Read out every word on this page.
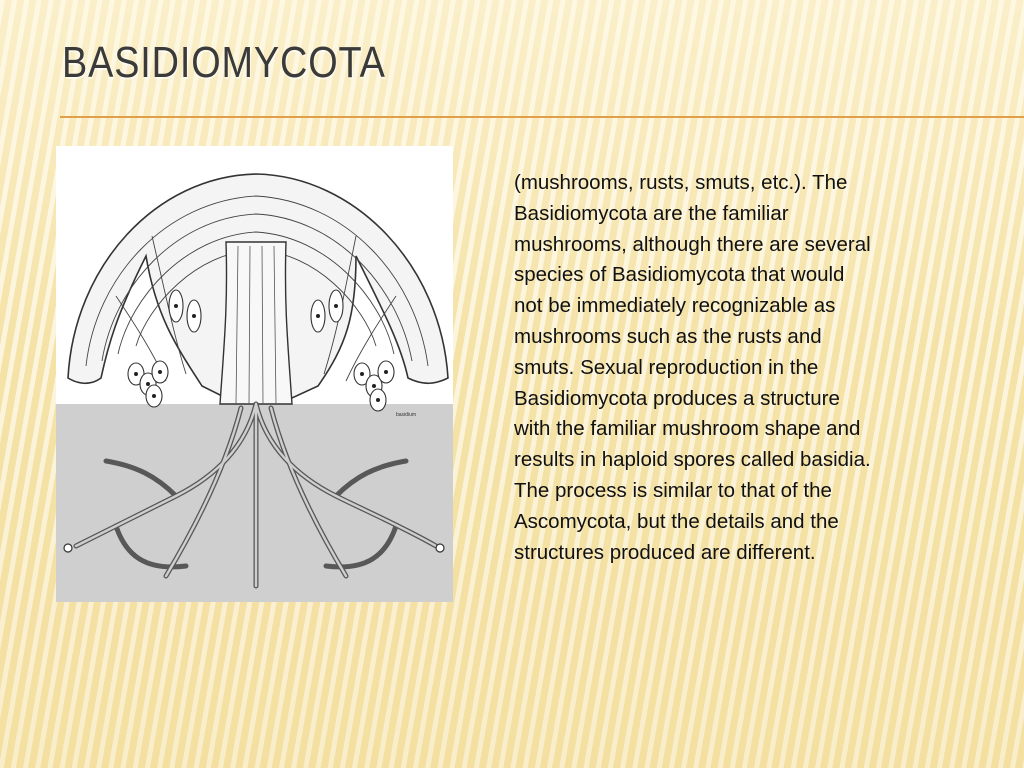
BASIDIOMYCOTA
basidium
(mushrooms, rusts, smuts, etc.). The
Basidiomycota are the familiar
mushrooms, although there are several
species of Basidiomycota that would
not be immediately recognizable as
mushrooms such as the rusts and
smuts. Sexual reproduction in the
Basidiomycota produces a structure
with the familiar mushroom shape and
results in haploid spores called basidia.
The process is similar to that of the
Ascomycota, but the details and the
structures produced are different.
